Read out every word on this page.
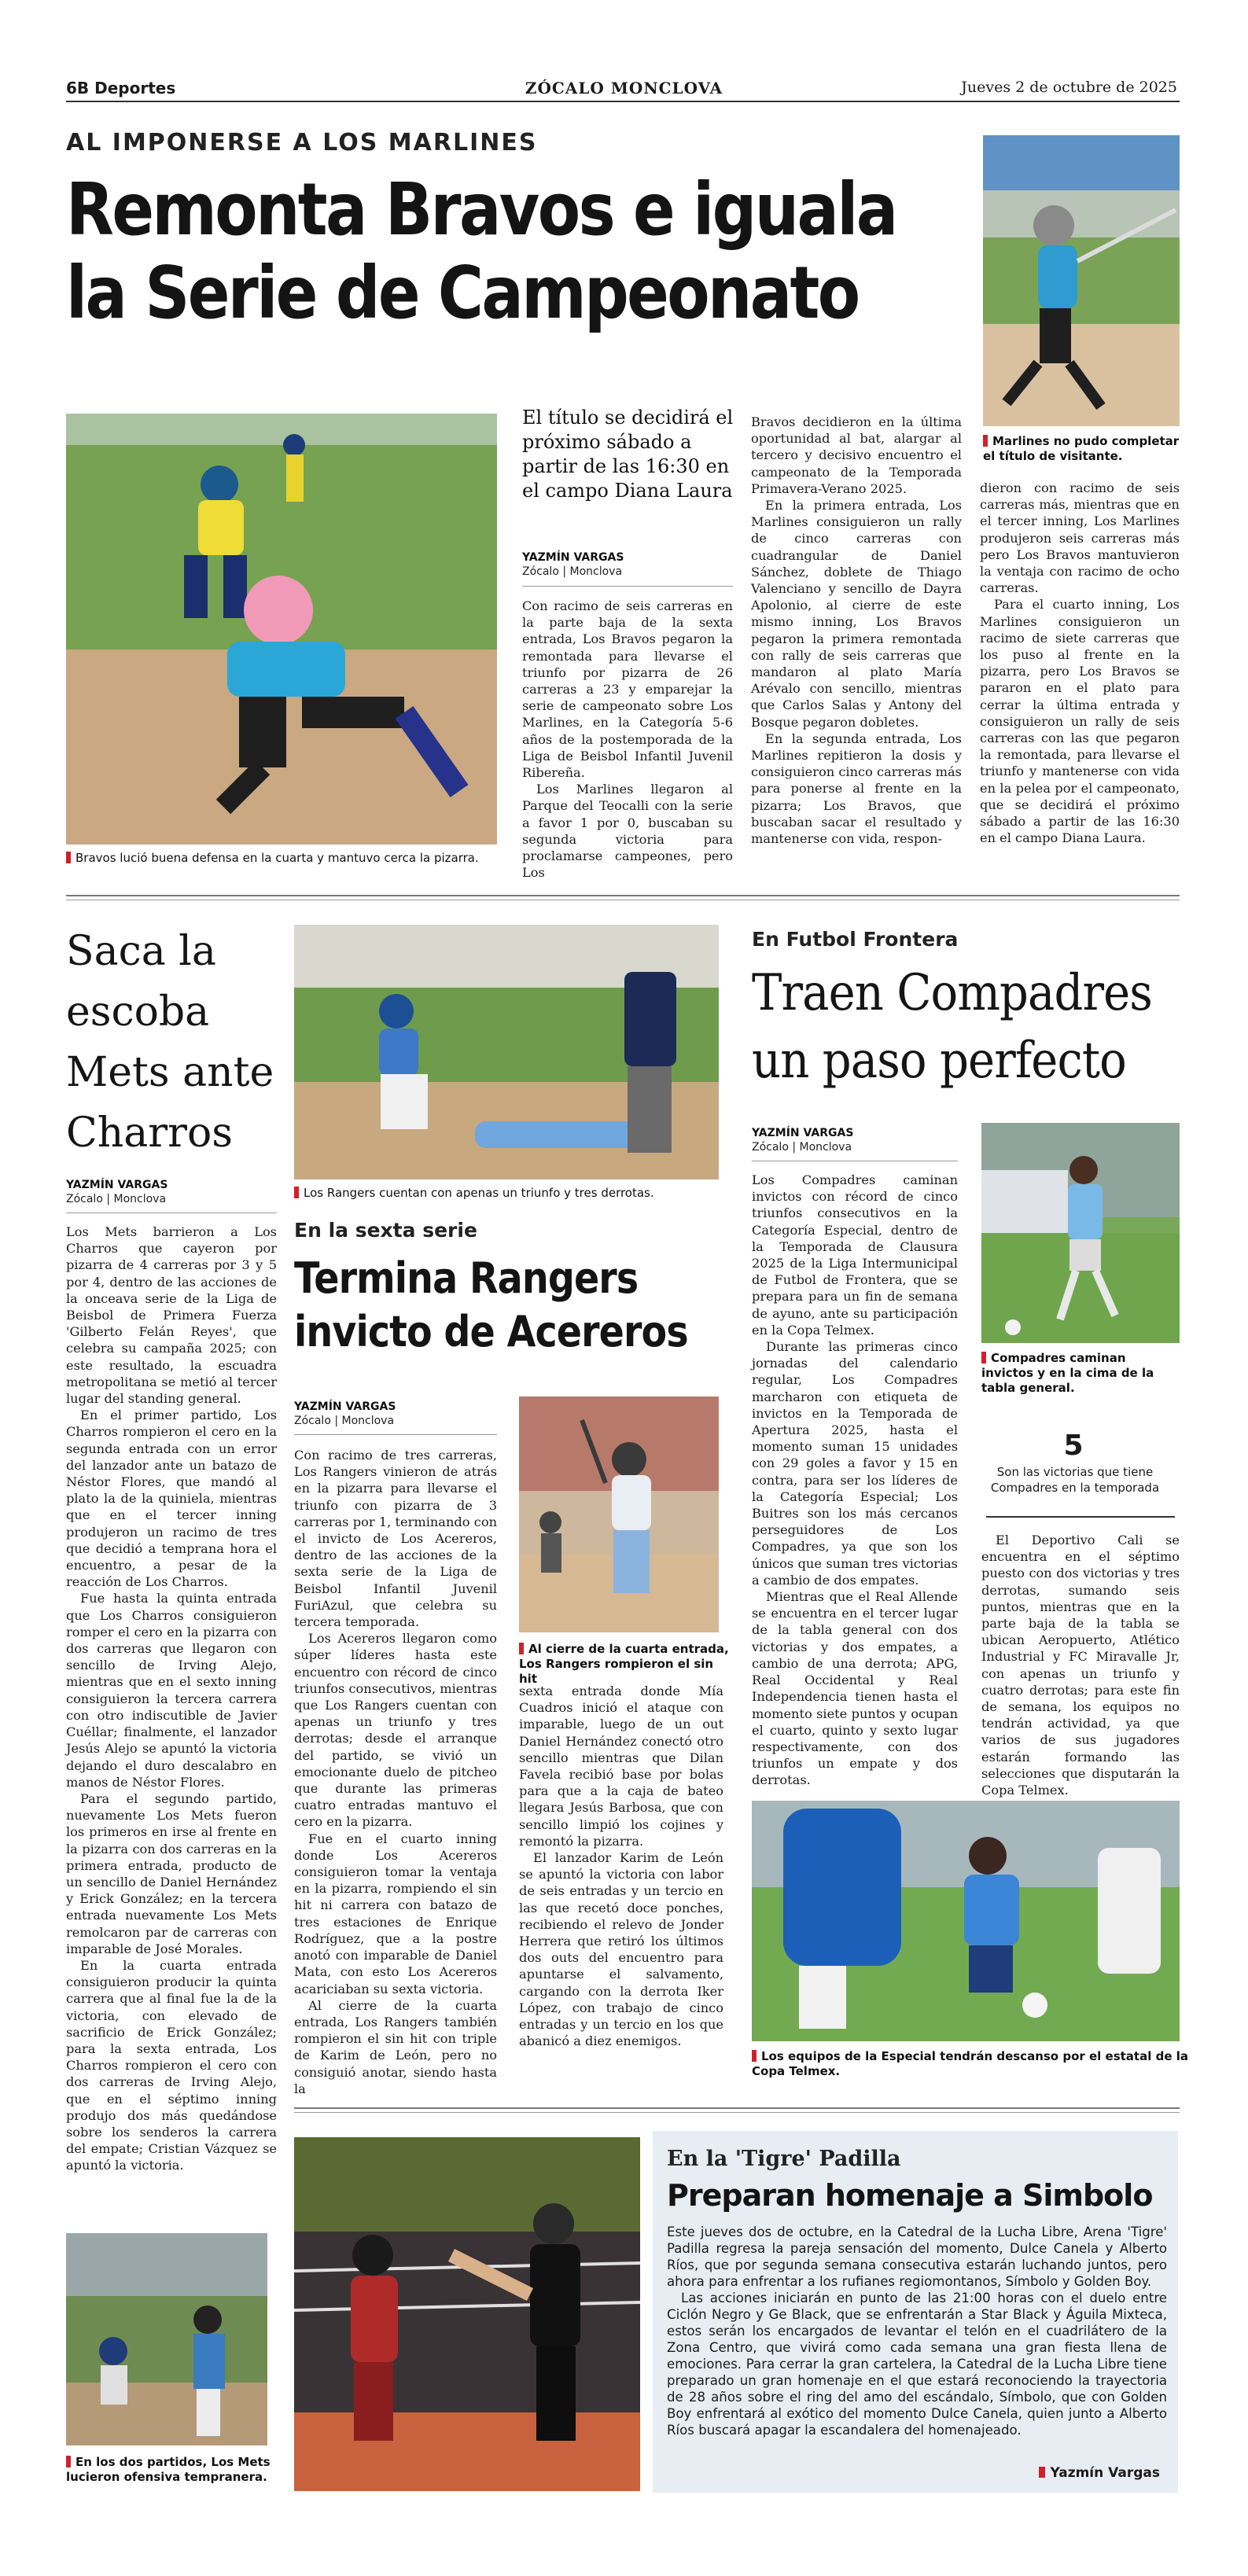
6B Deportes	ZÓCALO MONCLOVA	Jueves 2 de octubre de 2025
AL IMPONERSE A LOS MARLINES
Remonta Bravos e iguala
la Serie de Campeonato
Marlines no pudo completar el título de visitante.
Bravos lució buena defensa en la cuarta y mantuvo cerca la pizarra.
El título se decidirá el próximo sábado a partir de las 16:30 en el campo Diana Laura
YAZMÍN VARGAS
Zócalo | Monclova

Con racimo de seis carreras en la parte baja de la sexta entrada, Los Bravos pegaron la remontada para llevarse el triunfo por pizarra de 26 carreras a 23 y emparejar la serie de campeonato sobre Los Marlines, en la Categoría 5-6 años de la postemporada de la Liga de Beisbol Infantil Juvenil Ribereña.

Los Marlines llegaron al Parque del Teocalli con la serie a favor 1 por 0, buscaban su segunda victoria para proclamarse campeones, pero Los

Bravos decidieron en la última oportunidad al bat, alargar al tercero y decisivo encuentro el campeonato de la Temporada Primavera-Verano 2025.

En la primera entrada, Los Marlines consiguieron un rally de cinco carreras con cuadrangular de Daniel Sánchez, doblete de Thiago Valenciano y sencillo de Dayra Apolonio, al cierre de este mismo inning, Los Bravos pegaron la primera remontada con rally de seis carreras que mandaron al plato María Arévalo con sencillo, mientras que Carlos Salas y Antony del Bosque pegaron dobletes.

En la segunda entrada, Los Marlines repitieron la dosis y consiguieron cinco carreras más para ponerse al frente en la pizarra; Los Bravos, que buscaban sacar el resultado y mantenerse con vida, respon-

dieron con racimo de seis carreras más, mientras que en el tercer inning, Los Marlines produjeron seis carreras más pero Los Bravos mantuvieron la ventaja con racimo de ocho carreras.

Para el cuarto inning, Los Marlines consiguieron un racimo de siete carreras que los puso al frente en la pizarra, pero Los Bravos se pararon en el plato para cerrar la última entrada y consiguieron un rally de seis carreras con las que pegaron la remontada, para llevarse el triunfo y mantenerse con vida en la pelea por el campeonato, que se decidirá el próximo sábado a partir de las 16:30 en el campo Diana Laura.

Saca la escoba Mets ante Charros
YAZMÍN VARGAS
Zócalo | Monclova

Los Mets barrieron a Los Charros que cayeron por pizarra de 4 carreras por 3 y 5 por 4, dentro de las acciones de la onceava serie de la Liga de Beisbol de Primera Fuerza 'Gilberto Felán Reyes', que celebra su campaña 2025; con este resultado, la escuadra metropolitana se metió al tercer lugar del standing general.

En el primer partido, Los Charros rompieron el cero en la segunda entrada con un error del lanzador ante un batazo de Néstor Flores, que mandó al plato la de la quiniela, mientras que en el tercer inning produjeron un racimo de tres que decidió a temprana hora el encuentro, a pesar de la reacción de Los Charros.

Fue hasta la quinta entrada que Los Charros consiguieron romper el cero en la pizarra con dos carreras que llegaron con sencillo de Irving Alejo, mientras que en el sexto inning consiguieron la tercera carrera con otro indiscutible de Javier Cuéllar; finalmente, el lanzador Jesús Alejo se apuntó la victoria dejando el duro descalabro en manos de Néstor Flores.

Para el segundo partido, nuevamente Los Mets fueron los primeros en irse al frente en la pizarra con dos carreras en la primera entrada, producto de un sencillo de Daniel Hernández y Erick González; en la tercera entrada nuevamente Los Mets remolcaron par de carreras con imparable de José Morales.

En la cuarta entrada consiguieron producir la quinta carrera que al final fue la de la victoria, con elevado de sacrificio de Erick González; para la sexta entrada, Los Charros rompieron el cero con dos carreras de Irving Alejo, que en el séptimo inning produjo dos más quedándose sobre los senderos la carrera del empate; Cristian Vázquez se apuntó la victoria.

En los dos partidos, Los Mets lucieron ofensiva tempranera.
Los Rangers cuentan con apenas un triunfo y tres derrotas.
En la sexta serie
Termina Rangers
invicto de Acereros
YAZMÍN VARGAS
Zócalo | Monclova

Con racimo de tres carreras, Los Rangers vinieron de atrás en la pizarra para llevarse el triunfo con pizarra de 3 carreras por 1, terminando con el invicto de Los Acereros, dentro de las acciones de la sexta serie de la Liga de Beisbol Infantil Juvenil FuriAzul, que celebra su tercera temporada.

Los Acereros llegaron como súper líderes hasta este encuentro con récord de cinco triunfos consecutivos, mientras que Los Rangers cuentan con apenas un triunfo y tres derrotas; desde el arranque del partido, se vivió un emocionante duelo de pitcheo que durante las primeras cuatro entradas mantuvo el cero en la pizarra.

Fue en el cuarto inning donde Los Acereros consiguieron tomar la ventaja en la pizarra, rompiendo el sin hit ni carrera con batazo de tres estaciones de Enrique Rodríguez, que a la postre anotó con imparable de Daniel Mata, con esto Los Acereros acariciaban su sexta victoria.

Al cierre de la cuarta entrada, Los Rangers también rompieron el sin hit con triple de Karim de León, pero no consiguió anotar, siendo hasta la

Al cierre de la cuarta entrada, Los Rangers rompieron el sin hit

sexta entrada donde Mía Cuadros inició el ataque con imparable, luego de un out Daniel Hernández conectó otro sencillo mientras que Dilan Favela recibió base por bolas para que a la caja de bateo llegara Jesús Barbosa, que con sencillo limpió los cojines y remontó la pizarra.

El lanzador Karim de León se apuntó la victoria con labor de seis entradas y un tercio en las que recetó doce ponches, recibiendo el relevo de Jonder Herrera que retiró los últimos dos outs del encuentro para apuntarse el salvamento, cargando con la derrota Iker López, con trabajo de cinco entradas y un tercio en los que abanicó a diez enemigos.

En Futbol Frontera
Traen Compadres
un paso perfecto
YAZMÍN VARGAS
Zócalo | Monclova

Los Compadres caminan invictos con récord de cinco triunfos consecutivos en la Categoría Especial, dentro de la Temporada de Clausura 2025 de la Liga Intermunicipal de Futbol de Frontera, que se prepara para un fin de semana de ayuno, ante su participación en la Copa Telmex.

Durante las primeras cinco jornadas del calendario regular, Los Compadres marcharon con etiqueta de invictos en la Temporada de Apertura 2025, hasta el momento suman 15 unidades con 29 goles a favor y 15 en contra, para ser los líderes de la Categoría Especial; Los Buitres son los más cercanos perseguidores de Los Compadres, ya que son los únicos que suman tres victorias a cambio de dos empates.

Mientras que el Real Allende se encuentra en el tercer lugar de la tabla general con dos victorias y dos empates, a cambio de una derrota; APG, Real Occidental y Real Independencia tienen hasta el momento siete puntos y ocupan el cuarto, quinto y sexto lugar respectivamente, con dos triunfos un empate y dos derrotas.

Compadres caminan invictos y en la cima de la tabla general.
5
Son las victorias que tiene Compadres en la temporada

El Deportivo Cali se encuentra en el séptimo puesto con dos victorias y tres derrotas, sumando seis puntos, mientras que en la parte baja de la tabla se ubican Aeropuerto, Atlético Industrial y FC Miravalle Jr, con apenas un triunfo y cuatro derrotas; para este fin de semana, los equipos no tendrán actividad, ya que varios de sus jugadores estarán formando las selecciones que disputarán la Copa Telmex.

Los equipos de la Especial tendrán descanso por el estatal de la Copa Telmex.
En la 'Tigre' Padilla
Preparan homenaje a Simbolo

Este jueves dos de octubre, en la Catedral de la Lucha Libre, Arena 'Tigre' Padilla regresa la pareja sensación del momento, Dulce Canela y Alberto Ríos, que por segunda semana consecutiva estarán luchando juntos, pero ahora para enfrentar a los rufianes regiomontanos, Símbolo y Golden Boy.

Las acciones iniciarán en punto de las 21:00 horas con el duelo entre Ciclón Negro y Ge Black, que se enfrentarán a Star Black y Águila Mixteca, estos serán los encargados de levantar el telón en el cuadrilátero de la Zona Centro, que vivirá como cada semana una gran fiesta llena de emociones. Para cerrar la gran cartelera, la Catedral de la Lucha Libre tiene preparado un gran homenaje en el que estará reconociendo la trayectoria de 28 años sobre el ring del amo del escándalo, Símbolo, que con Golden Boy enfrentará al exótico del momento Dulce Canela, quien junto a Alberto Ríos buscará apagar la escandalera del homenajeado.

Yazmín Vargas
